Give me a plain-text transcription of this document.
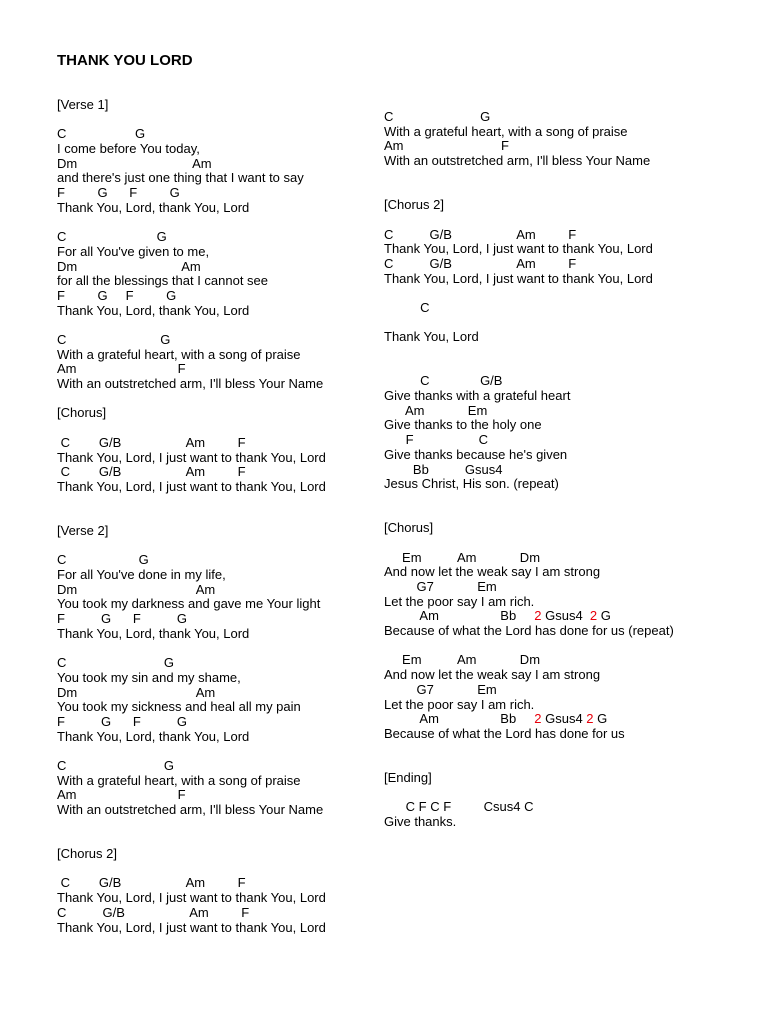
THANK YOU LORD
[Verse 1]
C                   G
I come before You today,
Dm                                Am
and there's just one thing that I want to say
F         G      F         G
Thank You, Lord, thank You, Lord
C                         G
For all You've given to me,
Dm                             Am
for all the blessings that I cannot see
F         G     F         G
Thank You, Lord, thank You, Lord
C                          G
With a grateful heart, with a song of praise
Am                            F
With an outstretched arm, I'll bless Your Name
[Chorus]
C        G/B                  Am         F
Thank You, Lord, I just want to thank You, Lord
C        G/B                  Am         F
Thank You, Lord, I just want to thank You, Lord
[Verse 2]
C                    G
For all You've done in my life,
Dm                                 Am
You took my darkness and gave me Your light
F          G      F          G
Thank You, Lord, thank You, Lord
C                           G
You took my sin and my shame,
Dm                                 Am
You took my sickness and heal all my pain
F          G      F          G
Thank You, Lord, thank You, Lord
C                           G
With a grateful heart, with a song of praise
Am                            F
With an outstretched arm, I'll bless Your Name
[Chorus 2]
C        G/B                  Am         F
Thank You, Lord, I just want to thank You, Lord
C          G/B                  Am         F
Thank You, Lord, I just want to thank You, Lord
C                        G
With a grateful heart, with a song of praise
Am                           F
With an outstretched arm, I'll bless Your Name
[Chorus 2]
C          G/B                  Am         F
Thank You, Lord, I just want to thank You, Lord
C          G/B                  Am         F
Thank You, Lord, I just want to thank You, Lord
C
Thank You, Lord
C              G/B
Give thanks with a grateful heart
Am            Em
Give thanks to the holy one
F                  C
Give thanks because he's given
Bb          Gsus4
Jesus Christ, His son. (repeat)
[Chorus]
Em          Am            Dm
And now let the weak say I am strong
G7            Em
Let the poor say I am rich.
Am                 Bb     2 Gsus4  2 G
Because of what the Lord has done for us (repeat)
Em          Am            Dm
And now let the weak say I am strong
G7            Em
Let the poor say I am rich.
Am                 Bb     2 Gsus4 2 G
Because of what the Lord has done for us
[Ending]
C F C F         Csus4 C
Give thanks.
